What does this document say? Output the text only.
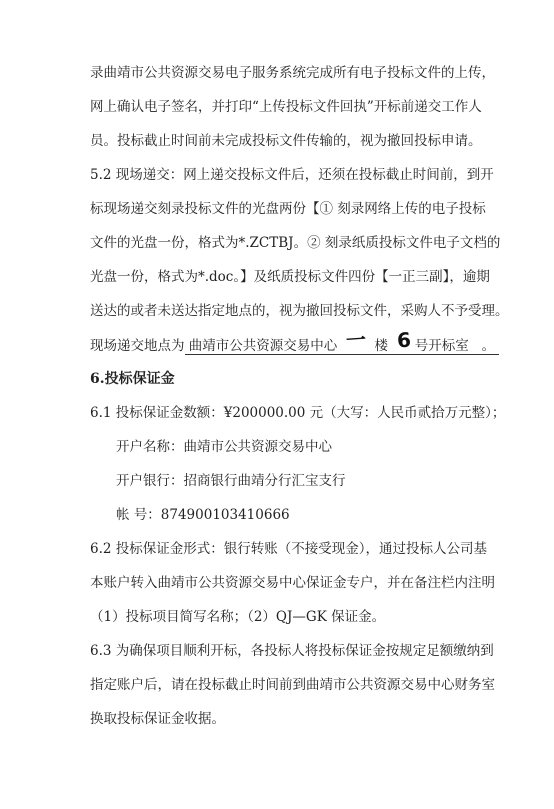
录曲靖市公共资源交易电子服务系统完成所有电子投标文件的上传，
网上确认电子签名，并打印“上传投标文件回执”开标前递交工作人
员。投标截止时间前未完成投标文件传输的，视为撤回投标申请。
5.2 现场递交：网上递交投标文件后，还须在投标截止时间前，到开
标现场递交刻录投标文件的光盘两份【① 刻录网络上传的电子投标
文件的光盘一份，格式为*.ZCTBJ。② 刻录纸质投标文件电子文档的
光盘一份，格式为*.doc。】及纸质投标文件四份【一正三副】，逾期
送达的或者未送达指定地点的，视为撤回投标文件，采购人不予受理。
现场递交地点为 曲靖市公共资源交易中心 一 楼 6 号开标室 。
6.投标保证金
6.1 投标保证金数额：¥200000.00 元（大写：人民币贰拾万元整）；
开户名称：曲靖市公共资源交易中心
开户银行：招商银行曲靖分行汇宝支行
帐 号：874900103410666
6.2 投标保证金形式：银行转账（不接受现金），通过投标人公司基
本账户转入曲靖市公共资源交易中心保证金专户，并在备注栏内注明
（1）投标项目简写名称；（2）QJ—GK 保证金。
6.3 为确保项目顺利开标，各投标人将投标保证金按规定足额缴纳到
指定账户后，请在投标截止时间前到曲靖市公共资源交易中心财务室
换取投标保证金收据。
